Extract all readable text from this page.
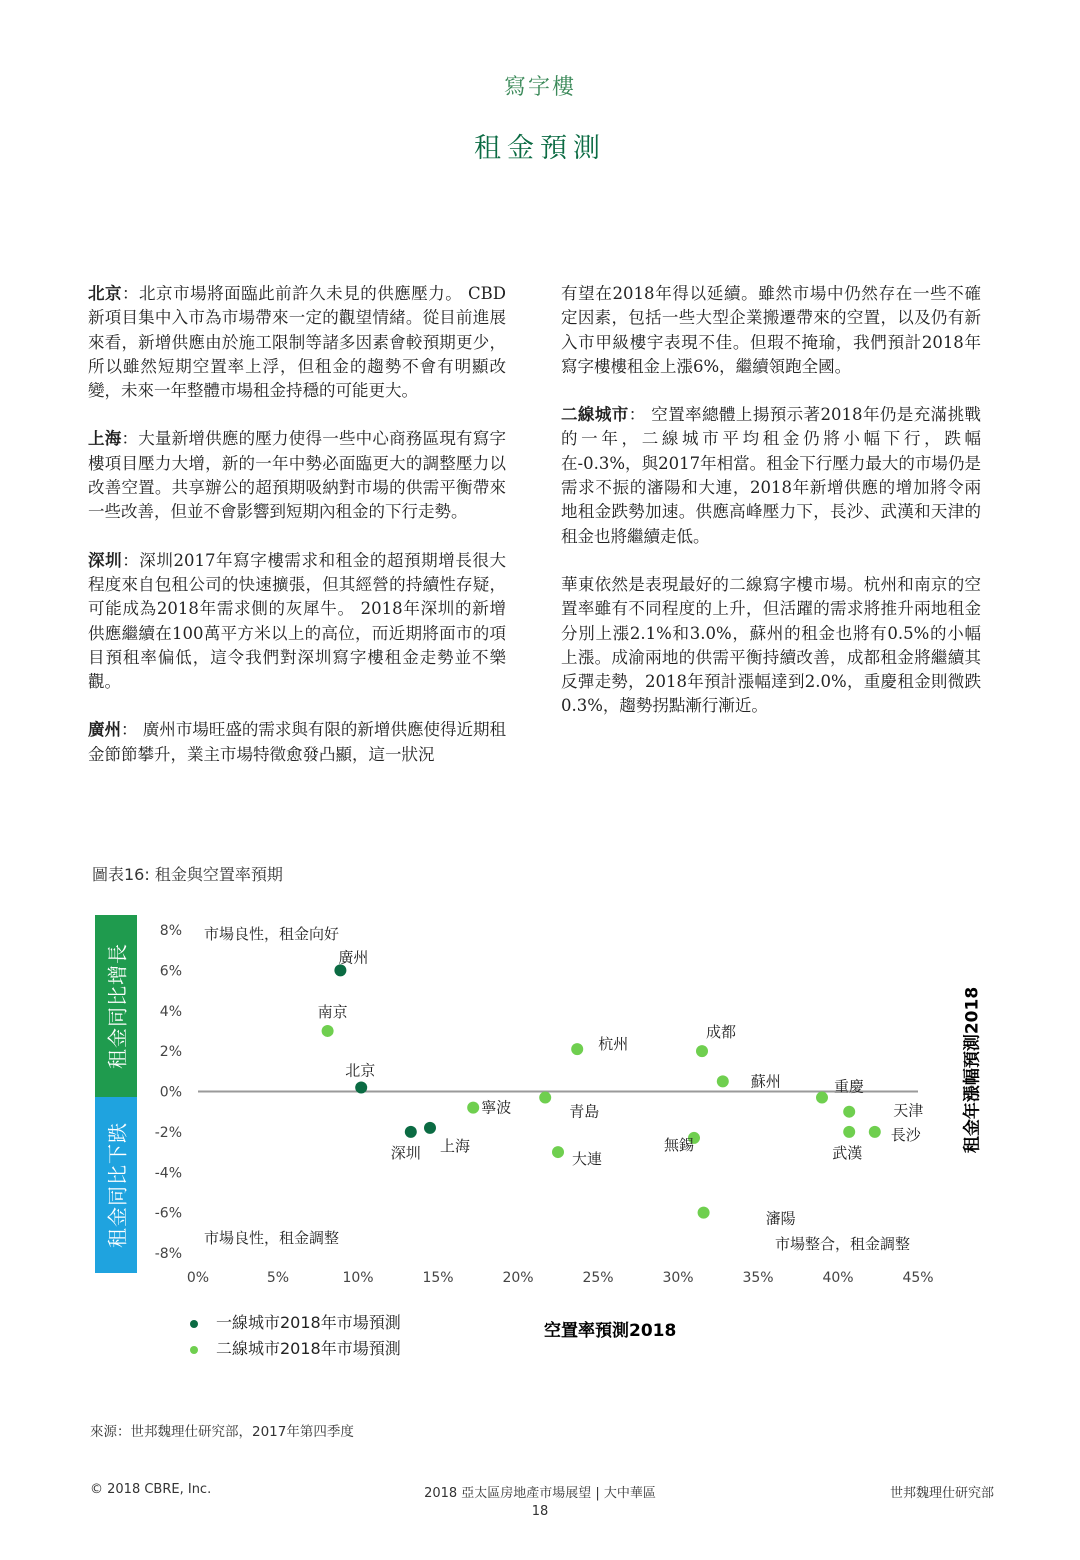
寫字樓
租金預測

北京：北京市場將面臨此前許久未見的供應壓力。 CBD新項目集中入市為市場帶來一定的觀望情緒。從目前進展來看，新增供應由於施工限制等諸多因素會較預期更少，所以雖然短期空置率上浮，但租金的趨勢不會有明顯改變，未來一年整體市場租金持穩的可能更大。

上海：大量新增供應的壓力使得一些中心商務區現有寫字樓項目壓力大增，新的一年中勢必面臨更大的調整壓力以改善空置。共享辦公的超預期吸納對市場的供需平衡帶來一些改善，但並不會影響到短期內租金的下行走勢。

深圳：深圳2017年寫字樓需求和租金的超預期增長很大程度來自包租公司的快速擴張，但其經營的持續性存疑，可能成為2018年需求側的灰犀牛。 2018年深圳的新增供應繼續在100萬平方米以上的高位，而近期將面市的項目預租率偏低，這令我們對深圳寫字樓租金走勢並不樂觀。

廣州： 廣州市場旺盛的需求與有限的新增供應使得近期租金節節攀升，業主市場特徵愈發凸顯，這一狀況

有望在2018年得以延續。雖然市場中仍然存在一些不確定因素，包括一些大型企業搬遷帶來的空置，以及仍有新入市甲級樓宇表現不佳。但瑕不掩瑜，我們預計2018年寫字樓樓租金上漲6%，繼續領跑全國。

二線城市： 空置率總體上揚預示著2018年仍是充滿挑戰的一年，二線城市平均租金仍將小幅下行，跌幅在-0.3%，與2017年相當。租金下行壓力最大的市場仍是需求不振的瀋陽和大連，2018年新增供應的增加將令兩地租金跌勢加速。供應高峰壓力下，長沙、武漢和天津的租金也將繼續走低。

華東依然是表現最好的二線寫字樓市場。杭州和南京的空置率雖有不同程度的上升，但活躍的需求將推升兩地租金分別上漲2.1%和3.0%，蘇州的租金也將有0.5%的小幅上漲。成渝兩地的供需平衡持續改善，成都租金將繼續其反彈走勢，2018年預計漲幅達到2.0%，重慶租金則微跌0.3%，趨勢拐點漸行漸近。

圖表16: 租金與空置率預期
租金同比增長
租金同比下跌
8%
6%
4%
2%
0%
-2%
-4%
-6%
-8%
0%	5%	10%	15%	20%	25%	30%	35%	40%	45%
市場良性，租金向好
市場良性，租金調整	市場整合，租金調整
廣州
北京
深圳 上海
南京
寧波	青島
杭州
大連
無錫
成都
瀋陽
蘇州	重慶
天津
武漢
長沙 租金年漲幅預測2018
空置率預測2018
一線城市2018年市場預測
二線城市2018年市場預測
來源：世邦魏理仕研究部，2017年第四季度
© 2018 CBRE, Inc.	2018 亞太區房地產市場展望 | 大中華區	世邦魏理仕研究部
18
